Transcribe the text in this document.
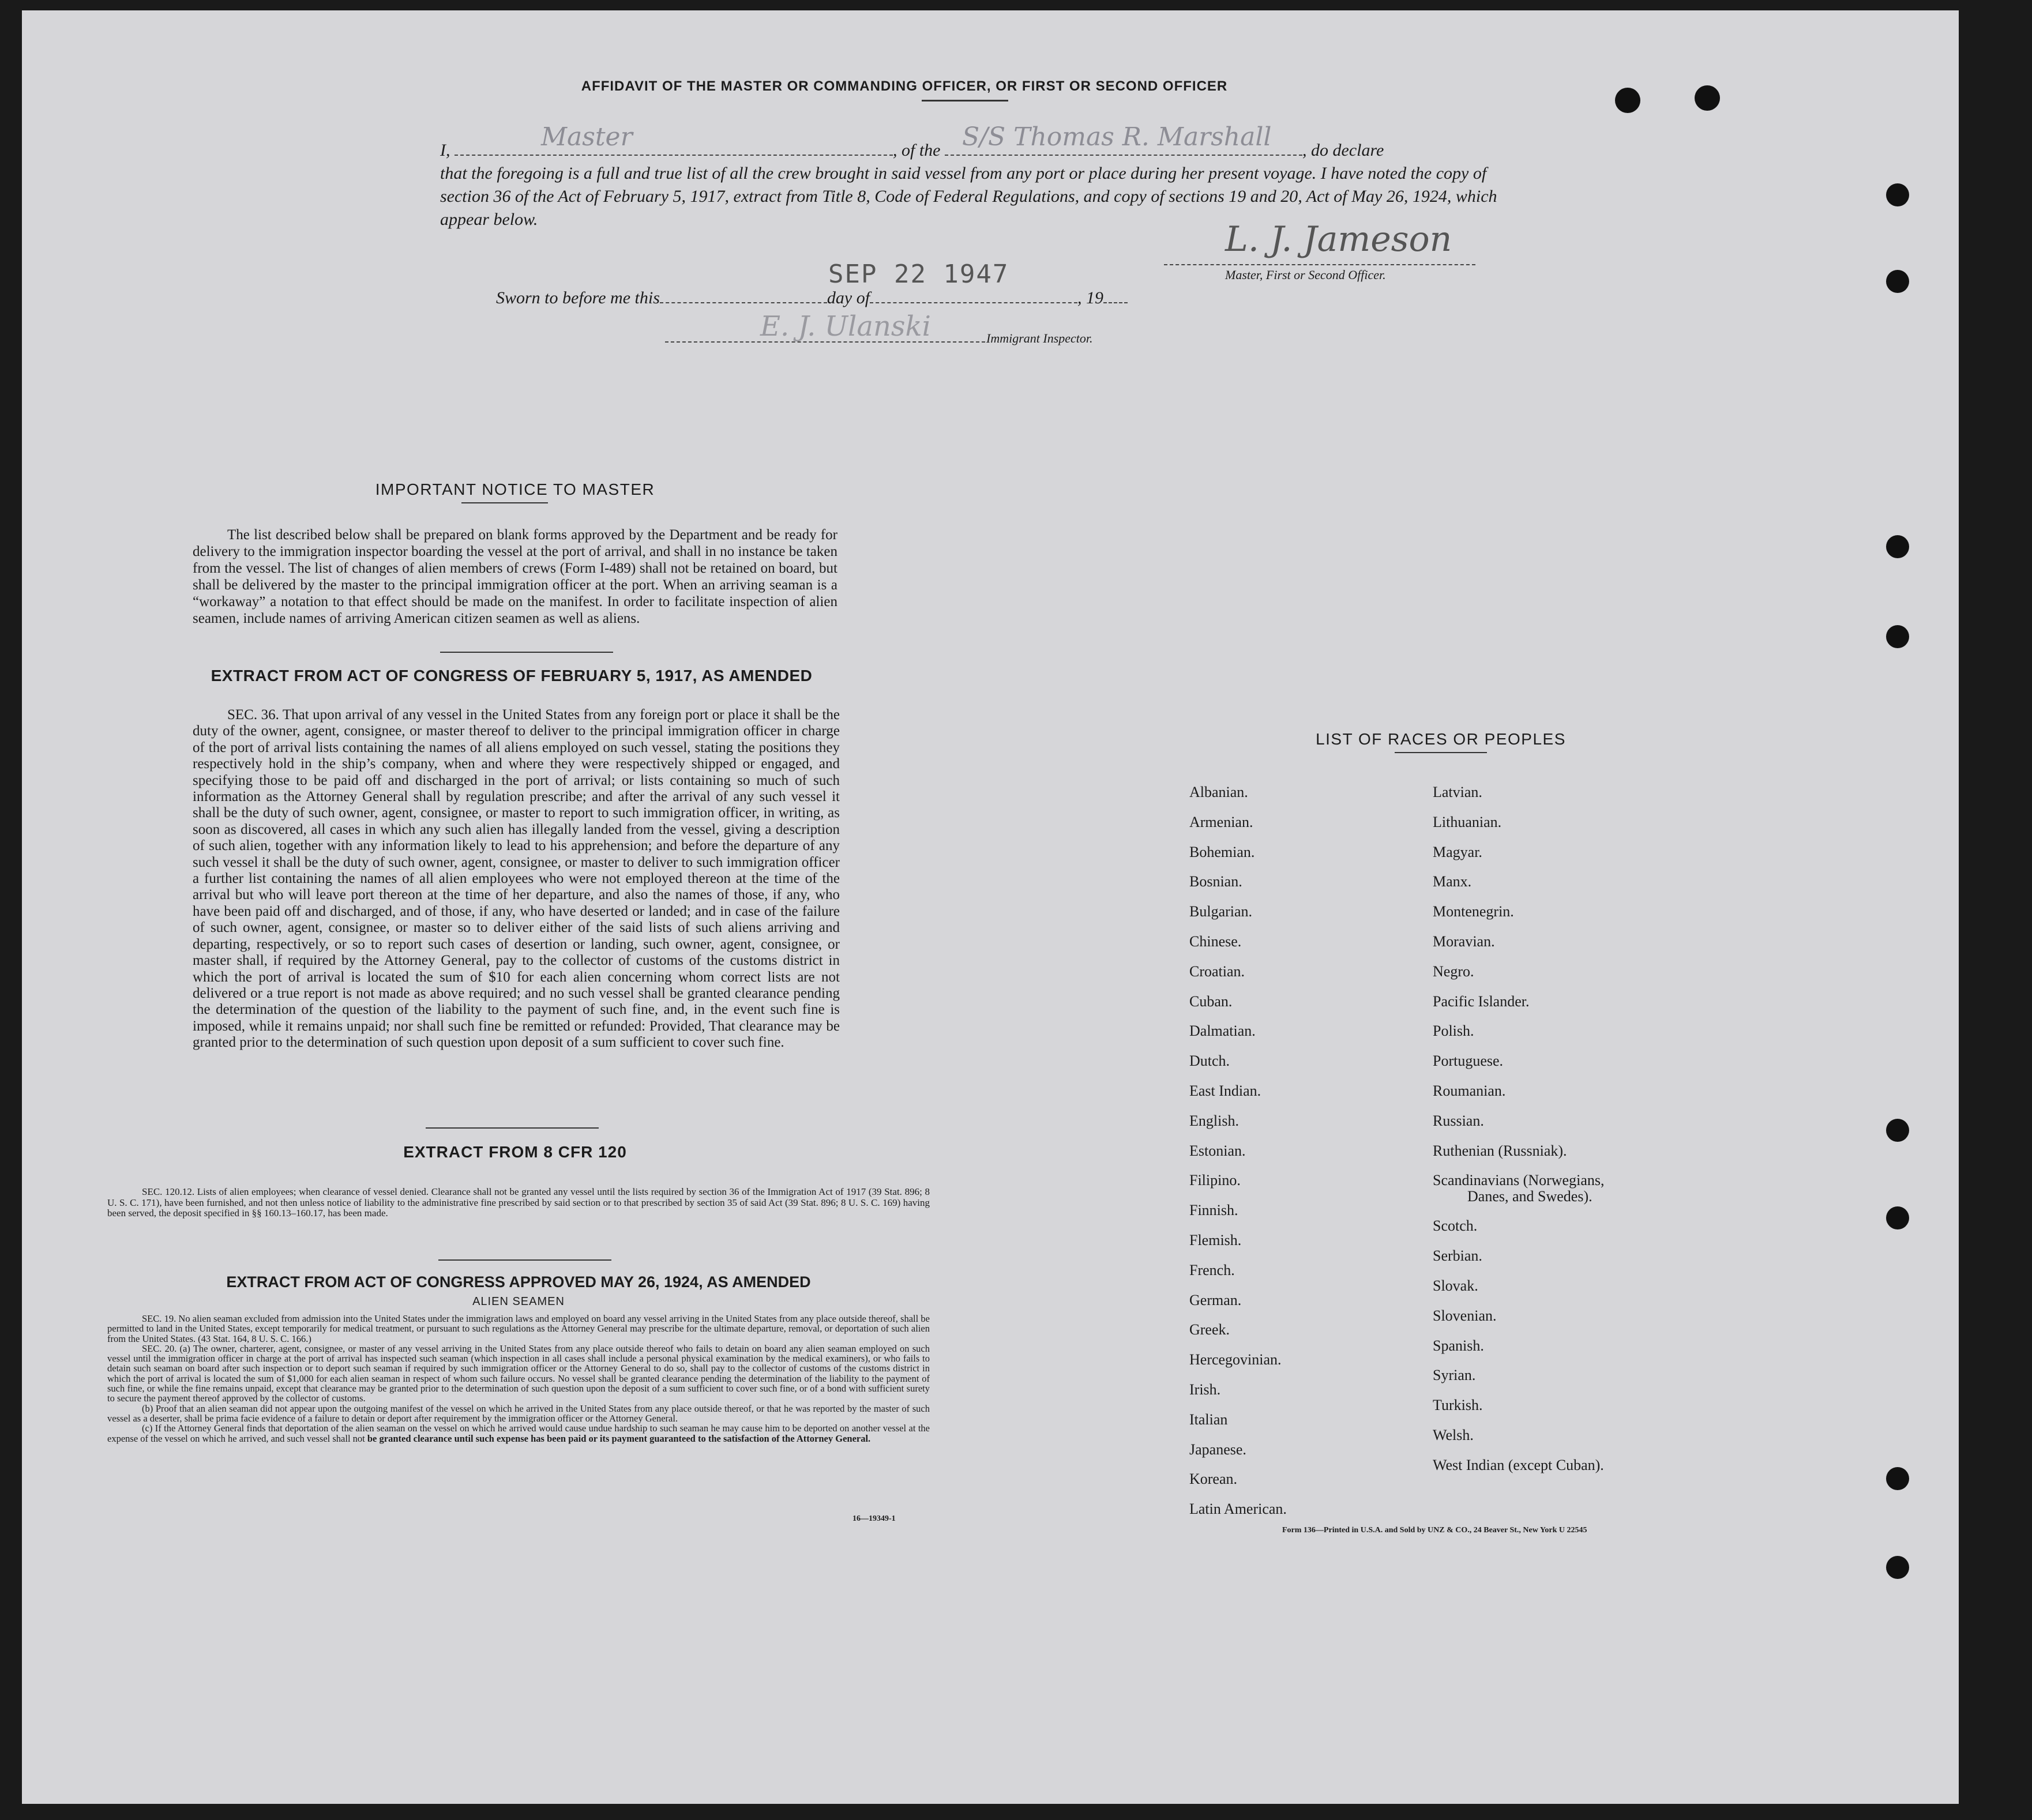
AFFIDAVIT OF THE MASTER OR COMMANDING OFFICER, OR FIRST OR SECOND OFFICER
I,	Master	, of the S/S Thomas R. Marshall , do declare
that the foregoing is a full and true list of all the crew brought in said vessel from any port or place during her present voyage. I have noted the copy of section 36 of the Act of February 5, 1917, extract from Title 8, Code of Federal Regulations, and copy of sections 19 and 20, Act of May 26, 1924, which appear below.	L. J. Jameson
Master, First or Second Officer.
Sworn to before me this	day of	, 19
SEP 22 1947
E. J. Ulanski	Immigrant Inspector.
IMPORTANT NOTICE TO MASTER
The list described below shall be prepared on blank forms approved by the Department and be ready for delivery to the immigration inspector boarding the vessel at the port of arrival, and shall in no instance be taken from the vessel. The list of changes of alien members of crews (Form I-489) shall not be retained on board, but shall be delivered by the master to the principal immigration officer at the port. When an arriving seaman is a “workaway” a notation to that effect should be made on the manifest. In order to facilitate inspection of alien seamen, include names of arriving American citizen seamen as well as aliens.
EXTRACT FROM ACT OF CONGRESS OF FEBRUARY 5, 1917, AS AMENDED
SEC. 36. That upon arrival of any vessel in the United States from any foreign port or place it shall be the duty of the owner, agent, consignee, or master thereof to deliver to the principal immigration officer in charge of the port of arrival lists containing the names of all aliens employed on such vessel, stating the positions they respectively hold in the ship’s company, when and where they were respectively shipped or engaged, and specifying those to be paid off and discharged in the port of arrival; or lists containing so much of such information as the Attorney General shall by regulation prescribe; and after the arrival of any such vessel it shall be the duty of such owner, agent, consignee, or master to report to such immigration officer, in writing, as soon as discovered, all cases in which any such alien has illegally landed from the vessel, giving a description of such alien, together with any information likely to lead to his apprehension; and before the departure of any such vessel it shall be the duty of such owner, agent, consignee, or master to deliver to such immigration officer a further list containing the names of all alien employees who were not employed thereon at the time of the arrival but who will leave port thereon at the time of her departure, and also the names of those, if any, who have been paid off and discharged, and of those, if any, who have deserted or landed; and in case of the failure of such owner, agent, consignee, or master so to deliver either of the said lists of such aliens arriving and departing, respectively, or so to report such cases of desertion or landing, such owner, agent, consignee, or master shall, if required by the Attorney General, pay to the collector of customs of the customs district in which the port of arrival is located the sum of $10 for each alien concerning whom correct lists are not delivered or a true report is not made as above required; and no such vessel shall be granted clearance pending the determination of the question of the liability to the payment of such fine, and, in the event such fine is imposed, while it remains unpaid; nor shall such fine be remitted or refunded: Provided, That clearance may be granted prior to the determination of such question upon deposit of a sum sufficient to cover such fine.
EXTRACT FROM 8 CFR 120
SEC. 120.12. Lists of alien employees; when clearance of vessel denied. Clearance shall not be granted any vessel until the lists required by section 36 of the Immigration Act of 1917 (39 Stat. 896; 8 U. S. C. 171), have been furnished, and not then unless notice of liability to the administrative fine prescribed by said section or to that prescribed by section 35 of said Act (39 Stat. 896; 8 U. S. C. 169) having been served, the deposit specified in §§ 160.13–160.17, has been made.
EXTRACT FROM ACT OF CONGRESS APPROVED MAY 26, 1924, AS AMENDED
ALIEN SEAMEN

SEC. 19. No alien seaman excluded from admission into the United States under the immigration laws and employed on board any vessel arriving in the United States from any place outside thereof, shall be permitted to land in the United States, except temporarily for medical treatment, or pursuant to such regulations as the Attorney General may prescribe for the ultimate departure, removal, or deportation of such alien from the United States. (43 Stat. 164, 8 U. S. C. 166.)

SEC. 20. (a) The owner, charterer, agent, consignee, or master of any vessel arriving in the United States from any place outside thereof who fails to detain on board any alien seaman employed on such vessel until the immigration officer in charge at the port of arrival has inspected such seaman (which inspection in all cases shall include a personal physical examination by the medical examiners), or who fails to detain such seaman on board after such inspection or to deport such seaman if required by such immigration officer or the Attorney General to do so, shall pay to the collector of customs of the customs district in which the port of arrival is located the sum of $1,000 for each alien seaman in respect of whom such failure occurs. No vessel shall be granted clearance pending the determination of the liability to the payment of such fine, or while the fine remains unpaid, except that clearance may be granted prior to the determination of such question upon the deposit of a sum sufficient to cover such fine, or of a bond with sufficient surety to secure the payment thereof approved by the collector of customs.

(b) Proof that an alien seaman did not appear upon the outgoing manifest of the vessel on which he arrived in the United States from any place outside thereof, or that he was reported by the master of such vessel as a deserter, shall be prima facie evidence of a failure to detain or deport after requirement by the immigration officer or the Attorney General.

(c) If the Attorney General finds that deportation of the alien seaman on the vessel on which he arrived would cause undue hardship to such seaman he may cause him to be deported on another vessel at the expense of the vessel on which he arrived, and such vessel shall not be granted clearance until such expense has been paid or its payment guaranteed to the satisfaction of the Attorney General.

16—19349-1
LIST OF RACES OR PEOPLES
Albanian.
Armenian.
Bohemian.
Bosnian.
Bulgarian.
Chinese.
Croatian.
Cuban.
Dalmatian.
Dutch.
East Indian.
English.
Estonian.
Filipino.
Finnish.
Flemish.
French.
German.
Greek.
Hercegovinian.
Irish.
Italian
Japanese.
Korean.
Latin American.
Latvian.
Lithuanian.
Magyar.
Manx.
Montenegrin.
Moravian.
Negro.
Pacific Islander.
Polish.
Portuguese.
Roumanian.
Russian.
Ruthenian (Russniak).
Scandinavians (Norwegians,
Danes, and Swedes).
Scotch.
Serbian.
Slovak.
Slovenian.
Spanish.
Syrian.
Turkish.
Welsh.
West Indian (except Cuban).
Form 136—Printed in U.S.A. and Sold by UNZ & CO., 24 Beaver St., New York U 22545
